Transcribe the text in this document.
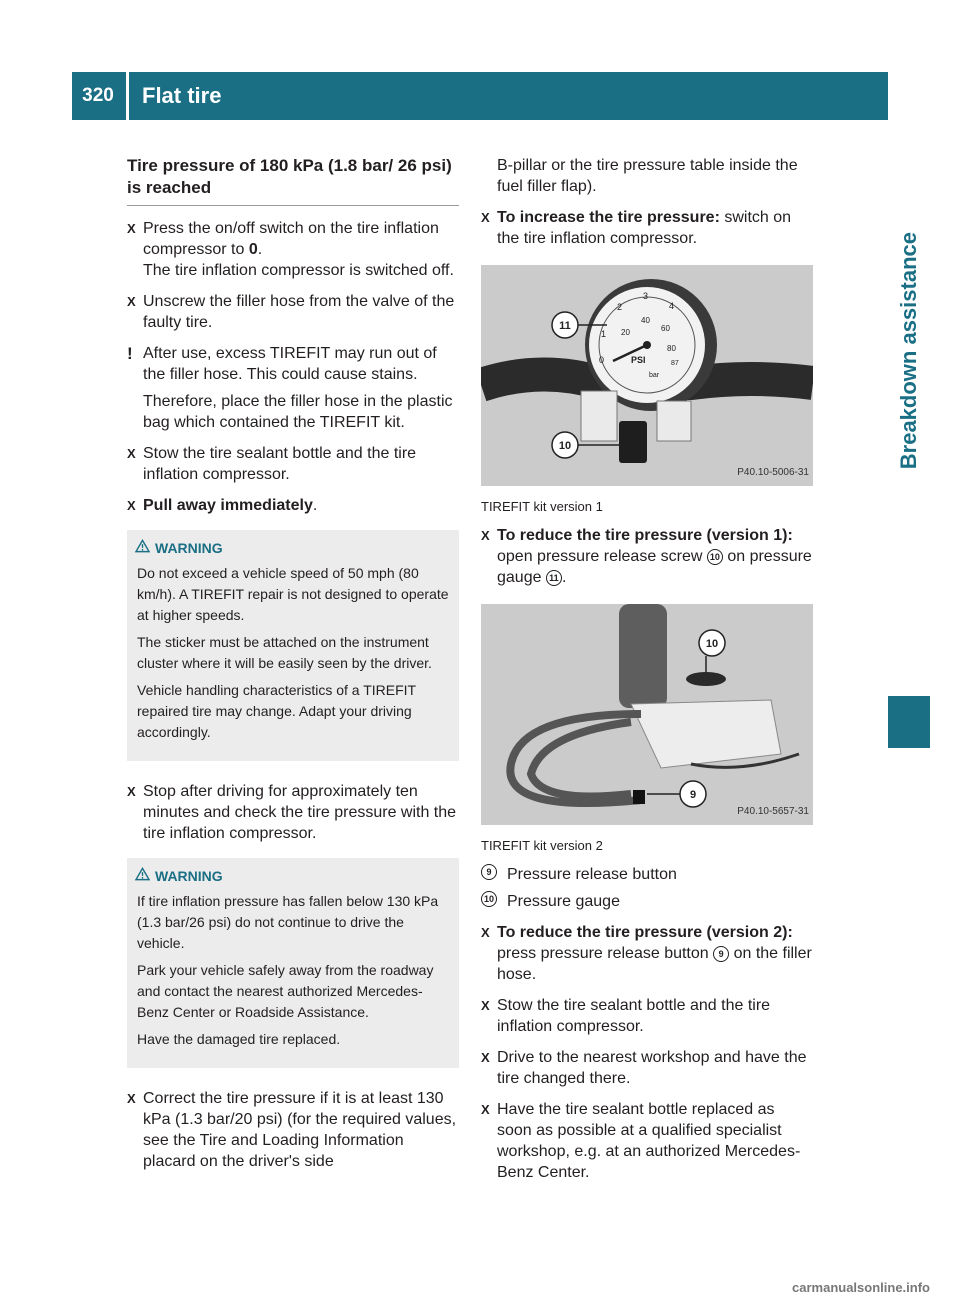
320	Flat tire
Breakdown assistance
Tire pressure of 180 kPa (1.8 bar/ 26 psi) is reached
X Press the on/off switch on the tire inflation compressor to 0.
The tire inflation compressor is switched off.
X Unscrew the filler hose from the valve of the faulty tire.
! After use, excess TIREFIT may run out of the filler hose. This could cause stains.

Therefore, place the filler hose in the plastic bag which contained the TIREFIT kit.

X Stow the tire sealant bottle and the tire inflation compressor.
X Pull away immediately.
WARNING

Do not exceed a vehicle speed of 50 mph (80 km/h). A TIREFIT repair is not designed to operate at higher speeds.

The sticker must be attached on the instrument cluster where it will be easily seen by the driver.

Vehicle handling characteristics of a TIREFIT repaired tire may change. Adapt your driving accordingly.

X Stop after driving for approximately ten minutes and check the tire pressure with the tire inflation compressor.
WARNING

If tire inflation pressure has fallen below 130 kPa (1.3 bar/26 psi) do not continue to drive the vehicle.

Park your vehicle safely away from the roadway and contact the nearest authorized Mercedes-Benz Center or Roadside Assistance.

Have the damaged tire replaced.

X Correct the tire pressure if it is at least 130 kPa (1.3 bar/20 psi) (for the required values, see the Tire and Loading Information placard on the driver's side
B-pillar or the tire pressure table inside the fuel filler flap).
X To increase the tire pressure: switch on the tire inflation compressor.
0
1
2
3
4
20
40
60
80
87
PSI
bar
11
10
P40.10-5006-31
TIREFIT kit version 1
X To reduce the tire pressure (version 1): open pressure release screw 10 on pressure gauge 11 .
10
9
P40.10-5657-31
TIREFIT kit version 2
9 Pressure release button
10 Pressure gauge
X To reduce the tire pressure (version 2): press pressure release button 9 on the filler hose.
X Stow the tire sealant bottle and the tire inflation compressor.
X Drive to the nearest workshop and have the tire changed there.
X Have the tire sealant bottle replaced as soon as possible at a qualified specialist workshop, e.g. at an authorized Mercedes-Benz Center.
carmanualsonline.info
